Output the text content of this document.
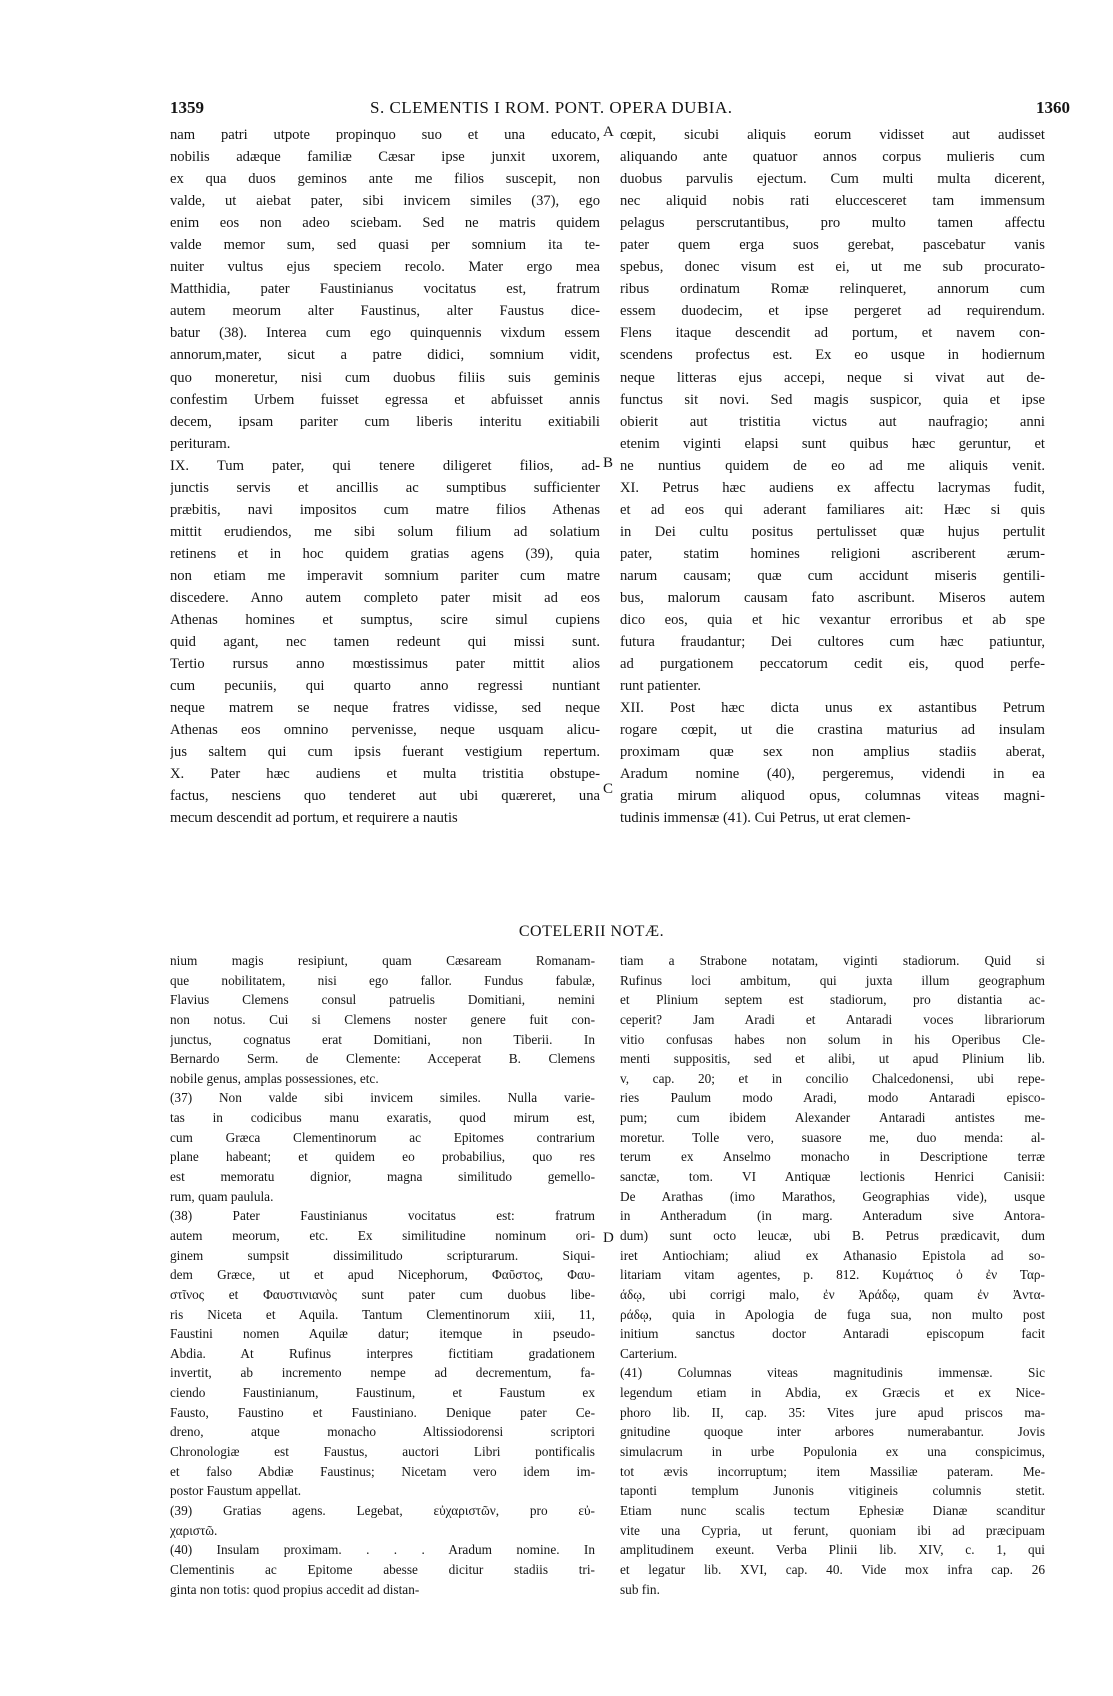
1359	S. CLEMENTIS I ROM. PONT. OPERA DUBIA.	1360
nam patri utpote propinquo suo et una educato,
nobilis adæque familiæ Cæsar ipse junxit uxorem,
ex qua duos geminos ante me filios suscepit, non
valde, ut aiebat pater, sibi invicem similes (37), ego
enim eos non adeo sciebam. Sed ne matris quidem
valde memor sum, sed quasi per somnium ita te-
nuiter vultus ejus speciem recolo. Mater ergo mea
Matthidia, pater Faustinianus vocitatus est, fratrum
autem meorum alter Faustinus, alter Faustus dice-
batur (38). Interea cum ego quinquennis vixdum essem
annorum,mater, sicut a patre didici, somnium vidit,
quo moneretur, nisi cum duobus filiis suis geminis
confestim Urbem fuisset egressa et abfuisset annis
decem, ipsam pariter cum liberis interitu exitiabili
perituram.
IX. Tum pater, qui tenere diligeret filios, ad-
junctis servis et ancillis ac sumptibus sufficienter
præbitis, navi impositos cum matre filios Athenas
mittit erudiendos, me sibi solum filium ad solatium
retinens et in hoc quidem gratias agens (39), quia
non etiam me imperavit somnium pariter cum matre
discedere. Anno autem completo pater misit ad eos
Athenas homines et sumptus, scire simul cupiens
quid agant, nec tamen redeunt qui missi sunt.
Tertio rursus anno mœstissimus pater mittit alios
cum pecuniis, qui quarto anno regressi nuntiant
neque matrem se neque fratres vidisse, sed neque
Athenas eos omnino pervenisse, neque usquam alicu-
jus saltem qui cum ipsis fuerant vestigium repertum.
X. Pater hæc audiens et multa tristitia obstupe-
factus, nesciens quo tenderet aut ubi quæreret, una
mecum descendit ad portum, et requirere a nautis
cœpit, sicubi aliquis eorum vidisset aut audisset
aliquando ante quatuor annos corpus mulieris cum
duobus parvulis ejectum. Cum multi multa dicerent,
nec aliquid nobis rati eluccesceret tam immensum
pelagus perscrutantibus, pro multo tamen affectu
pater quem erga suos gerebat, pascebatur vanis
spebus, donec visum est ei, ut me sub procurato-
ribus ordinatum Romæ relinqueret, annorum cum
essem duodecim, et ipse pergeret ad requirendum.
Flens itaque descendit ad portum, et navem con-
scendens profectus est. Ex eo usque in hodiernum
neque litteras ejus accepi, neque si vivat aut de-
functus sit novi. Sed magis suspicor, quia et ipse
obierit aut tristitia victus aut naufragio; anni
etenim viginti elapsi sunt quibus hæc geruntur, et
ne nuntius quidem de eo ad me aliquis venit.
XI. Petrus hæc audiens ex affectu lacrymas fudit,
et ad eos qui aderant familiares ait: Hæc si quis
in Dei cultu positus pertulisset quæ hujus pertulit
pater, statim homines religioni ascriberent ærum-
narum causam; quæ cum accidunt miseris gentili-
bus, malorum causam fato ascribunt. Miseros autem
dico eos, quia et hic vexantur erroribus et ab spe
futura fraudantur; Dei cultores cum hæc patiuntur,
ad purgationem peccatorum cedit eis, quod perfe-
runt patienter.
XII. Post hæc dicta unus ex astantibus Petrum
rogare cœpit, ut die crastina maturius ad insulam
proximam quæ sex non amplius stadiis aberat,
Aradum nomine (40), pergeremus, videndi in ea
gratia mirum aliquod opus, columnas viteas magni-
tudinis immensæ (41). Cui Petrus, ut erat clemen-
A
B
C
D
COTELERII NOTÆ.
nium magis resipiunt, quam Cæsaream Romanam-
que nobilitatem, nisi ego fallor. Fundus fabulæ,
Flavius Clemens consul patruelis Domitiani, nemini
non notus. Cui si Clemens noster genere fuit con-
junctus, cognatus erat Domitiani, non Tiberii. In
Bernardo Serm. de Clemente: Acceperat B. Clemens
nobile genus, amplas possessiones, etc.
(37) Non valde sibi invicem similes. Nulla varie-
tas in codicibus manu exaratis, quod mirum est,
cum Græca Clementinorum ac Epitomes contrarium
plane habeant; et quidem eo probabilius, quo res
est memoratu dignior, magna similitudo gemello-
rum, quam paulula.
(38) Pater Faustinianus vocitatus est: fratrum
autem meorum, etc. Ex similitudine nominum ori-
ginem sumpsit dissimilitudo scripturarum. Siqui-
dem Græce, ut et apud Nicephorum, Φαῦστος, Φαυ-
στῖνος et Φαυστινιανὸς sunt pater cum duobus libe-
ris Niceta et Aquila. Tantum Clementinorum xiii, 11,
Faustini nomen Aquilæ datur; itemque in pseudo-
Abdia. At Rufinus interpres fictitiam gradationem
invertit, ab incremento nempe ad decrementum, fa-
ciendo Faustinianum, Faustinum, et Faustum ex
Fausto, Faustino et Faustiniano. Denique pater Ce-
dreno, atque monacho Altissiodorensi scriptori
Chronologiæ est Faustus, auctori Libri pontificalis
et falso Abdiæ Faustinus; Nicetam vero idem im-
postor Faustum appellat.
(39) Gratias agens. Legebat, εὐχαριστῶν, pro εὐ-
χαριστῶ.
(40) Insulam proximam. . . . Aradum nomine. In
Clementinis ac Epitome abesse dicitur stadiis tri-
ginta non totis: quod propius accedit ad distan-
tiam a Strabone notatam, viginti stadiorum. Quid si
Rufinus loci ambitum, qui juxta illum geographum
et Plinium septem est stadiorum, pro distantia ac-
ceperit? Jam Aradi et Antaradi voces librariorum
vitio confusas habes non solum in his Operibus Cle-
menti suppositis, sed et alibi, ut apud Plinium lib.
v, cap. 20; et in concilio Chalcedonensi, ubi repe-
ries Paulum modo Aradi, modo Antaradi episco-
pum; cum ibidem Alexander Antaradi antistes me-
moretur. Tolle vero, suasore me, duo menda: al-
terum ex Anselmo monacho in Descriptione terræ
sanctæ, tom. VI Antiquæ lectionis Henrici Canisii:
De Arathas (imo Marathos, Geographias vide), usque
in Antheradum (in marg. Anteradum sive Antora-
dum) sunt octo leucæ, ubi B. Petrus prædicavit, dum
iret Antiochiam; aliud ex Athanasio Epistola ad so-
litariam vitam agentes, p. 812. Κυμάτιος ὁ ἐν Ταρ-
άδῳ, ubi corrigi malo, ἐν Ἀράδῳ, quam ἐν Ἀντα-
ράδῳ, quia in Apologia de fuga sua, non multo post
initium sanctus doctor Antaradi episcopum facit
Carterium.
(41) Columnas viteas magnitudinis immensæ. Sic
legendum etiam in Abdia, ex Græcis et ex Nice-
phoro lib. II, cap. 35: Vites jure apud priscos ma-
gnitudine quoque inter arbores numerabantur. Jovis
simulacrum in urbe Populonia ex una conspicimus,
tot ævis incorruptum; item Massiliæ pateram. Me-
taponti templum Junonis vitigineis columnis stetit.
Etiam nunc scalis tectum Ephesiæ Dianæ scanditur
vite una Cypria, ut ferunt, quoniam ibi ad præcipuam
amplitudinem exeunt. Verba Plinii lib. XIV, c. 1, qui
et legatur lib. XVI, cap. 40. Vide mox infra cap. 26
sub fin.
